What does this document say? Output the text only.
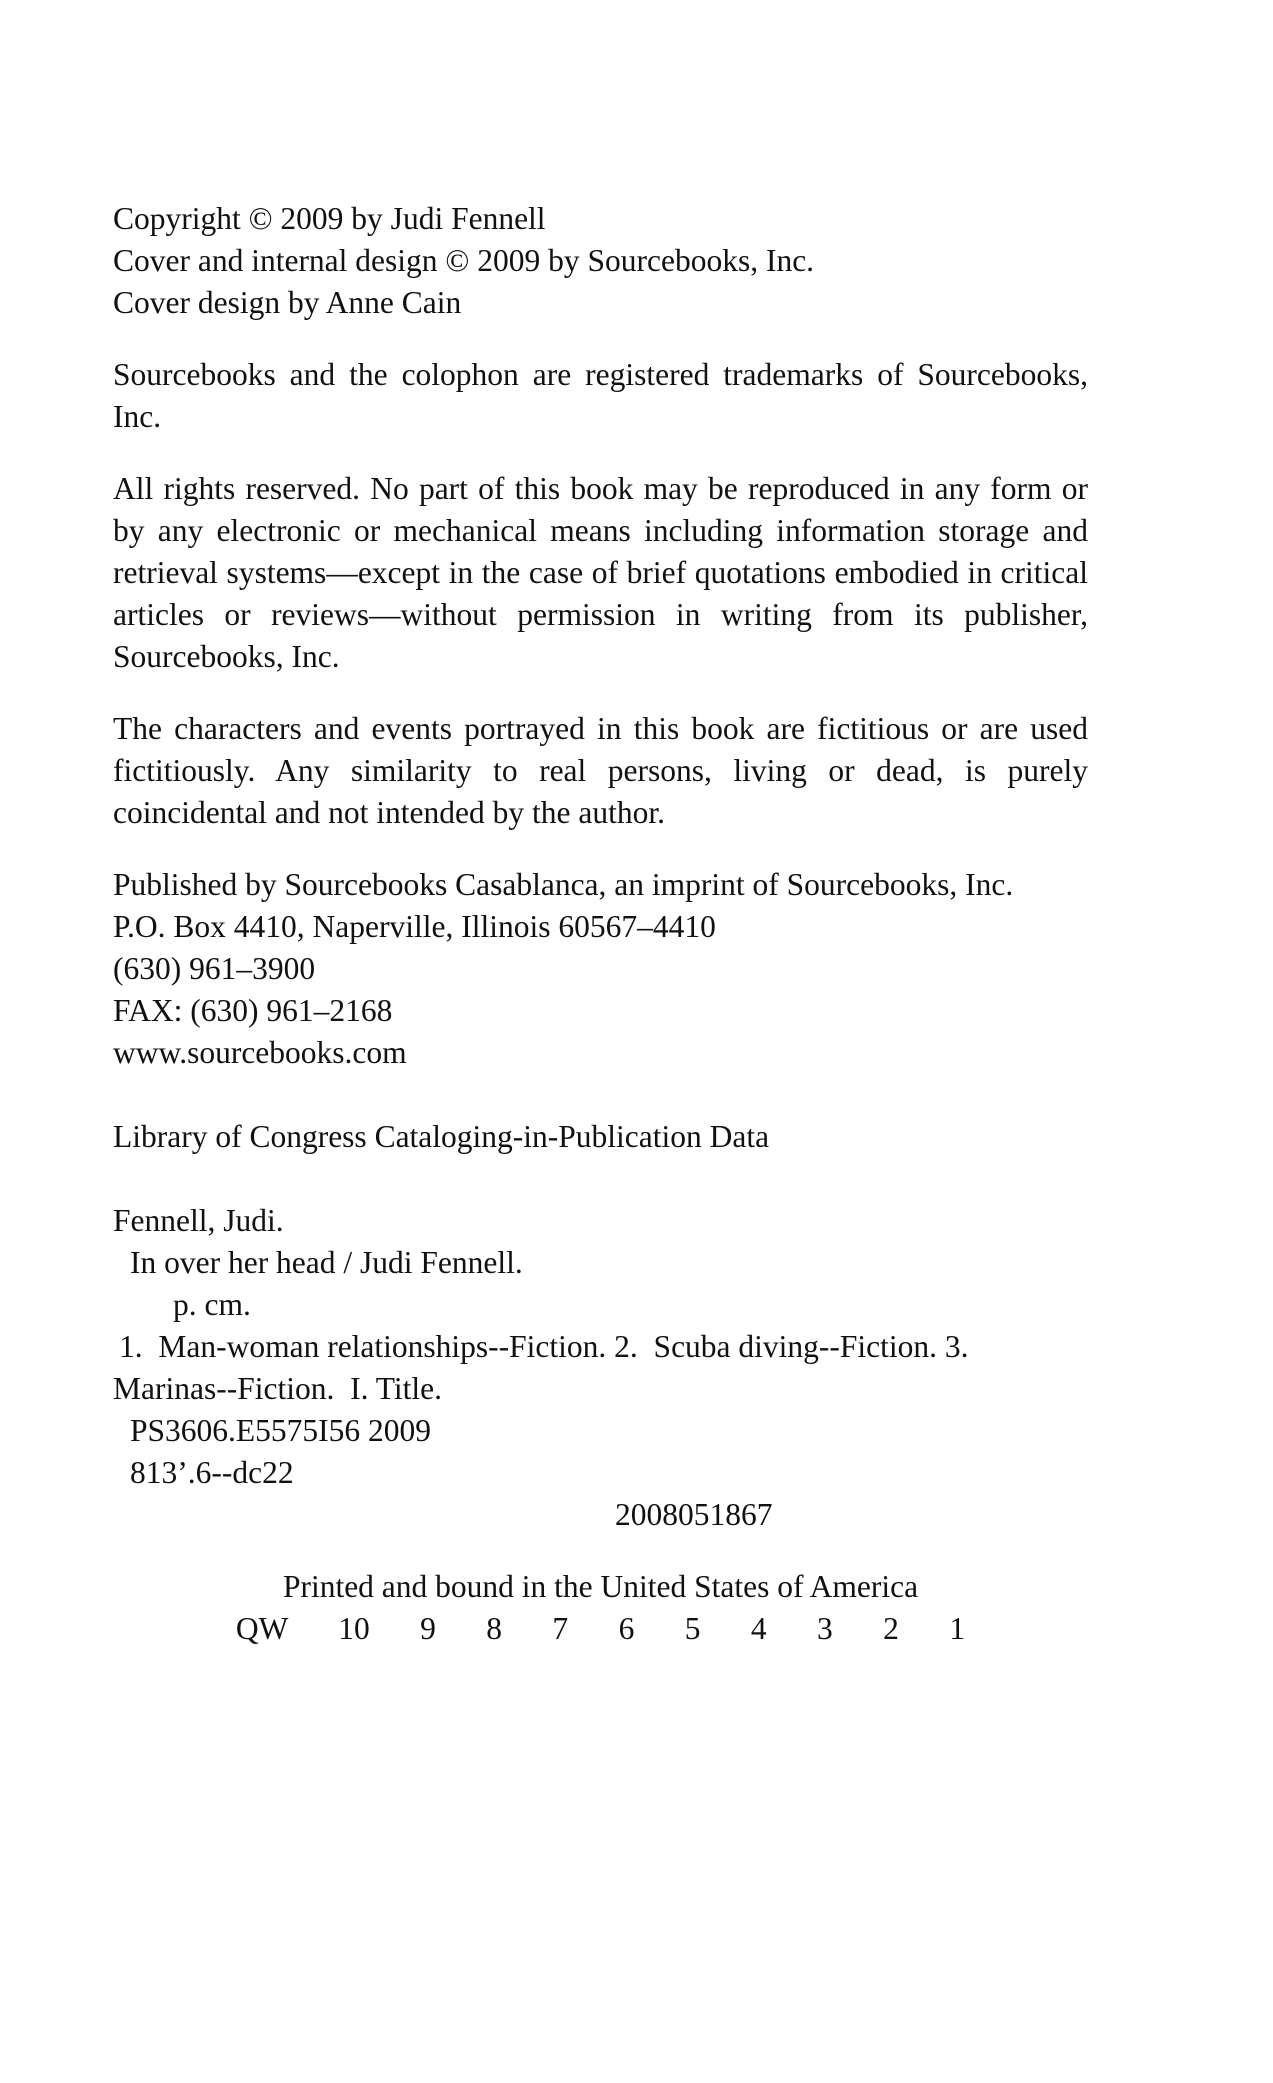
Copyright © 2009 by Judi Fennell
Cover and internal design © 2009 by Sourcebooks, Inc.
Cover design by Anne Cain

Sourcebooks and the colophon are registered trademarks of Sourcebooks, Inc.

All rights reserved. No part of this book may be reproduced in any form or by any electronic or mechanical means including information storage and retrieval systems—except in the case of brief quotations embodied in critical articles or reviews—without permission in writing from its publisher, Sourcebooks, Inc.

The characters and events portrayed in this book are fictitious or are used fictitiously. Any similarity to real persons, living or dead, is purely coincidental and not intended by the author.

Published by Sourcebooks Casablanca, an imprint of Sourcebooks, Inc.
P.O. Box 4410, Naperville, Illinois 60567–4410
(630) 961–3900
FAX: (630) 961–2168
www.sourcebooks.com
Library of Congress Cataloging-in-Publication Data
Fennell, Judi.
In over her head / Judi Fennell.
p. cm.
1.  Man-woman relationships--Fiction. 2.  Scuba diving--Fiction. 3.
Marinas--Fiction.  I. Title.
PS3606.E5575I56 2009
813’.6--dc22
2008051867
Printed and bound in the United States of America
QW  10  9  8  7  6  5  4  3  2  1
